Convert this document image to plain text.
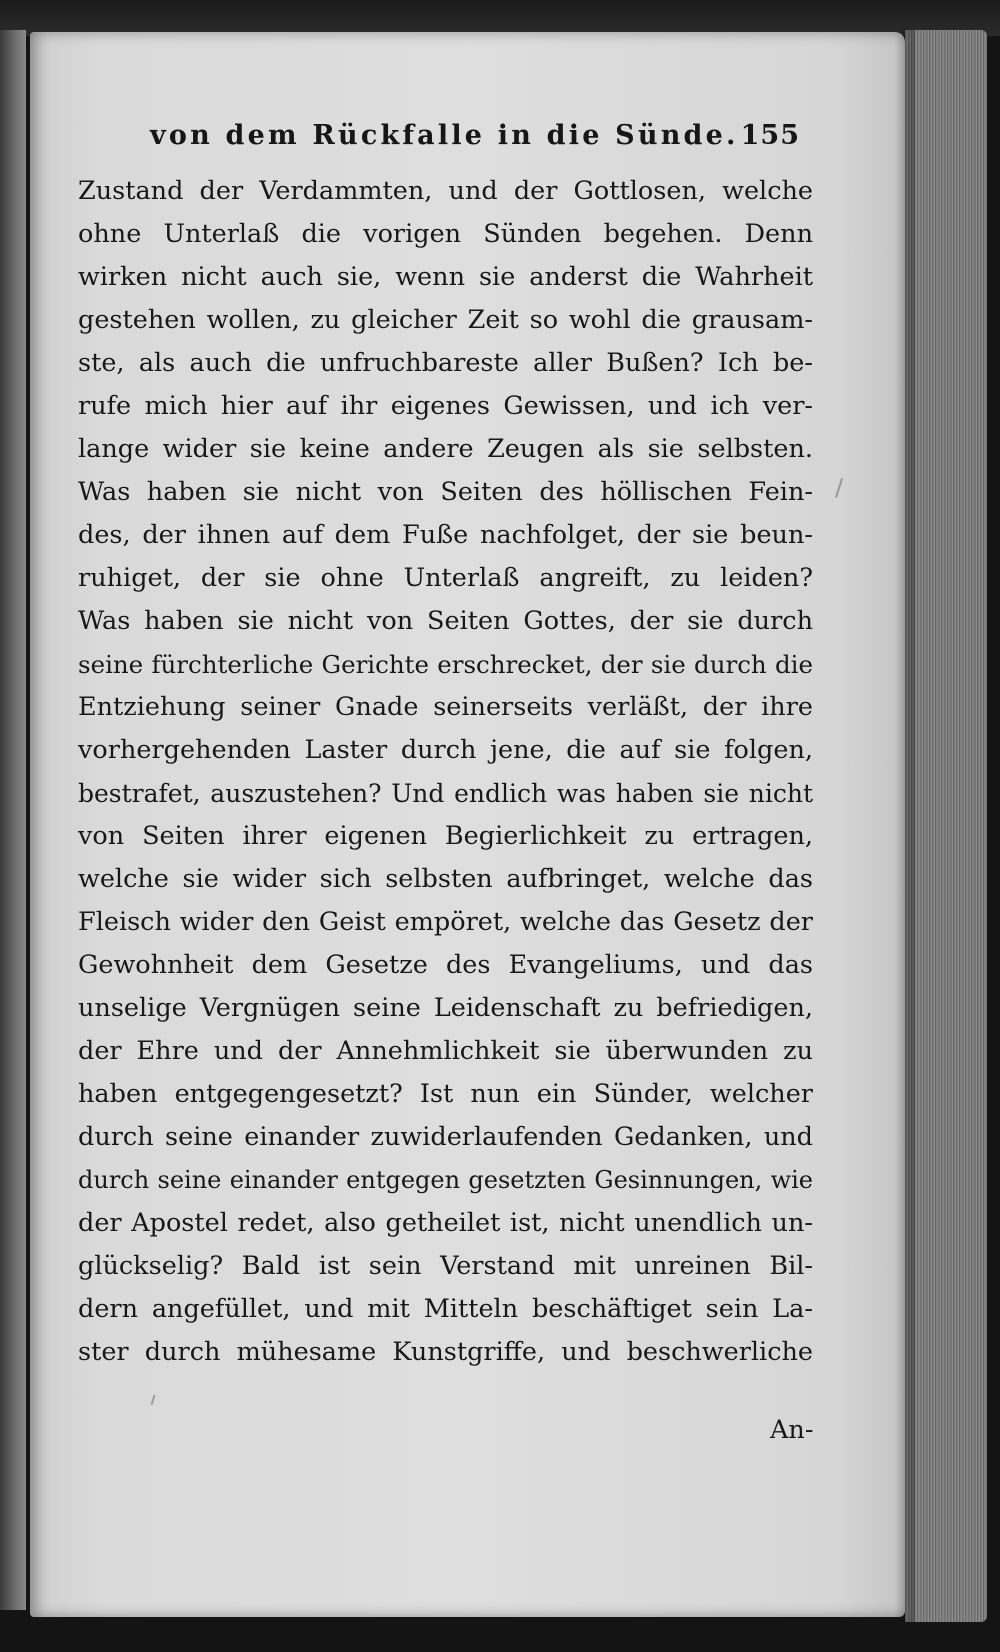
von dem Rückfalle in die Sünde. 155
Zustand der Verdammten, und der Gottlosen, welche
ohne Unterlaß die vorigen Sünden begehen. Denn
wirken nicht auch sie, wenn sie anderst die Wahrheit
gestehen wollen, zu gleicher Zeit so wohl die grausam-
ste, als auch die unfruchbareste aller Bußen? Ich be-
rufe mich hier auf ihr eigenes Gewissen, und ich ver-
lange wider sie keine andere Zeugen als sie selbsten.
Was haben sie nicht von Seiten des höllischen Fein-
des, der ihnen auf dem Fuße nachfolget, der sie beun-
ruhiget, der sie ohne Unterlaß angreift, zu leiden?
Was haben sie nicht von Seiten Gottes, der sie durch
seine fürchterliche Gerichte erschrecket, der sie durch die
Entziehung seiner Gnade seinerseits verläßt, der ihre
vorhergehenden Laster durch jene, die auf sie folgen,
bestrafet, auszustehen? Und endlich was haben sie nicht
von Seiten ihrer eigenen Begierlichkeit zu ertragen,
welche sie wider sich selbsten aufbringet, welche das
Fleisch wider den Geist empöret, welche das Gesetz der
Gewohnheit dem Gesetze des Evangeliums, und das
unselige Vergnügen seine Leidenschaft zu befriedigen,
der Ehre und der Annehmlichkeit sie überwunden zu
haben entgegengesetzt? Ist nun ein Sünder, welcher
durch seine einander zuwiderlaufenden Gedanken, und
durch seine einander entgegen gesetzten Gesinnungen, wie
der Apostel redet, also getheilet ist, nicht unendlich un-
glückselig? Bald ist sein Verstand mit unreinen Bil-
dern angefüllet, und mit Mitteln beschäftiget sein La-
ster durch mühesame Kunstgriffe, und beschwerliche
An-
